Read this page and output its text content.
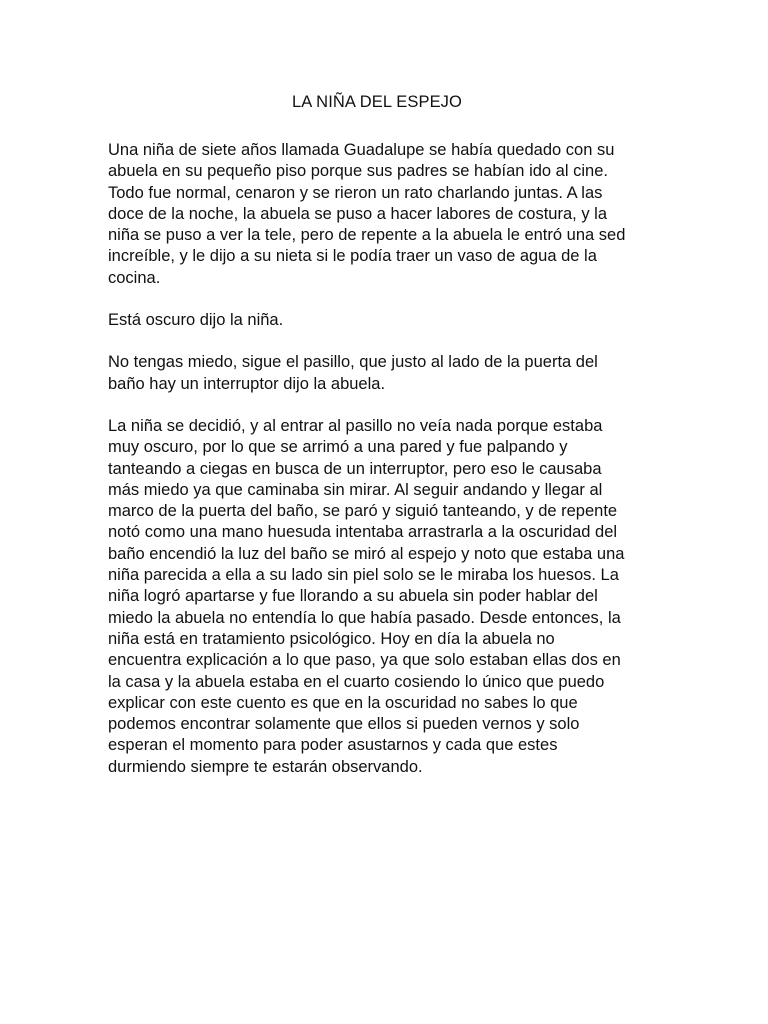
LA NIÑA DEL ESPEJO

Una niña de siete años llamada Guadalupe se había quedado con su
abuela en su pequeño piso porque sus padres se habían ido al cine.
Todo fue normal, cenaron y se rieron un rato charlando juntas. A las
doce de la noche, la abuela se puso a hacer labores de costura, y la
niña se puso a ver la tele, pero de repente a la abuela le entró una sed
increíble, y le dijo a su nieta si le podía traer un vaso de agua de la
cocina.

Está oscuro dijo la niña.

No tengas miedo, sigue el pasillo, que justo al lado de la puerta del
baño hay un interruptor dijo la abuela.

La niña se decidió, y al entrar al pasillo no veía nada porque estaba
muy oscuro, por lo que se arrimó a una pared y fue palpando y
tanteando a ciegas en busca de un interruptor, pero eso le causaba
más miedo ya que caminaba sin mirar. Al seguir andando y llegar al
marco de la puerta del baño, se paró y siguió tanteando, y de repente
notó como una mano huesuda intentaba arrastrarla a la oscuridad del
baño encendió la luz del baño se miró al espejo y noto que estaba una
niña parecida a ella a su lado sin piel solo se le miraba los huesos. La
niña logró apartarse y fue llorando a su abuela sin poder hablar del
miedo la abuela no entendía lo que había pasado. Desde entonces, la
niña está en tratamiento psicológico. Hoy en día la abuela no
encuentra explicación a lo que paso, ya que solo estaban ellas dos en
la casa y la abuela estaba en el cuarto cosiendo lo único que puedo
explicar con este cuento es que en la oscuridad no sabes lo que
podemos encontrar solamente que ellos si pueden vernos y solo
esperan el momento para poder asustarnos y cada que estes
durmiendo siempre te estarán observando.
